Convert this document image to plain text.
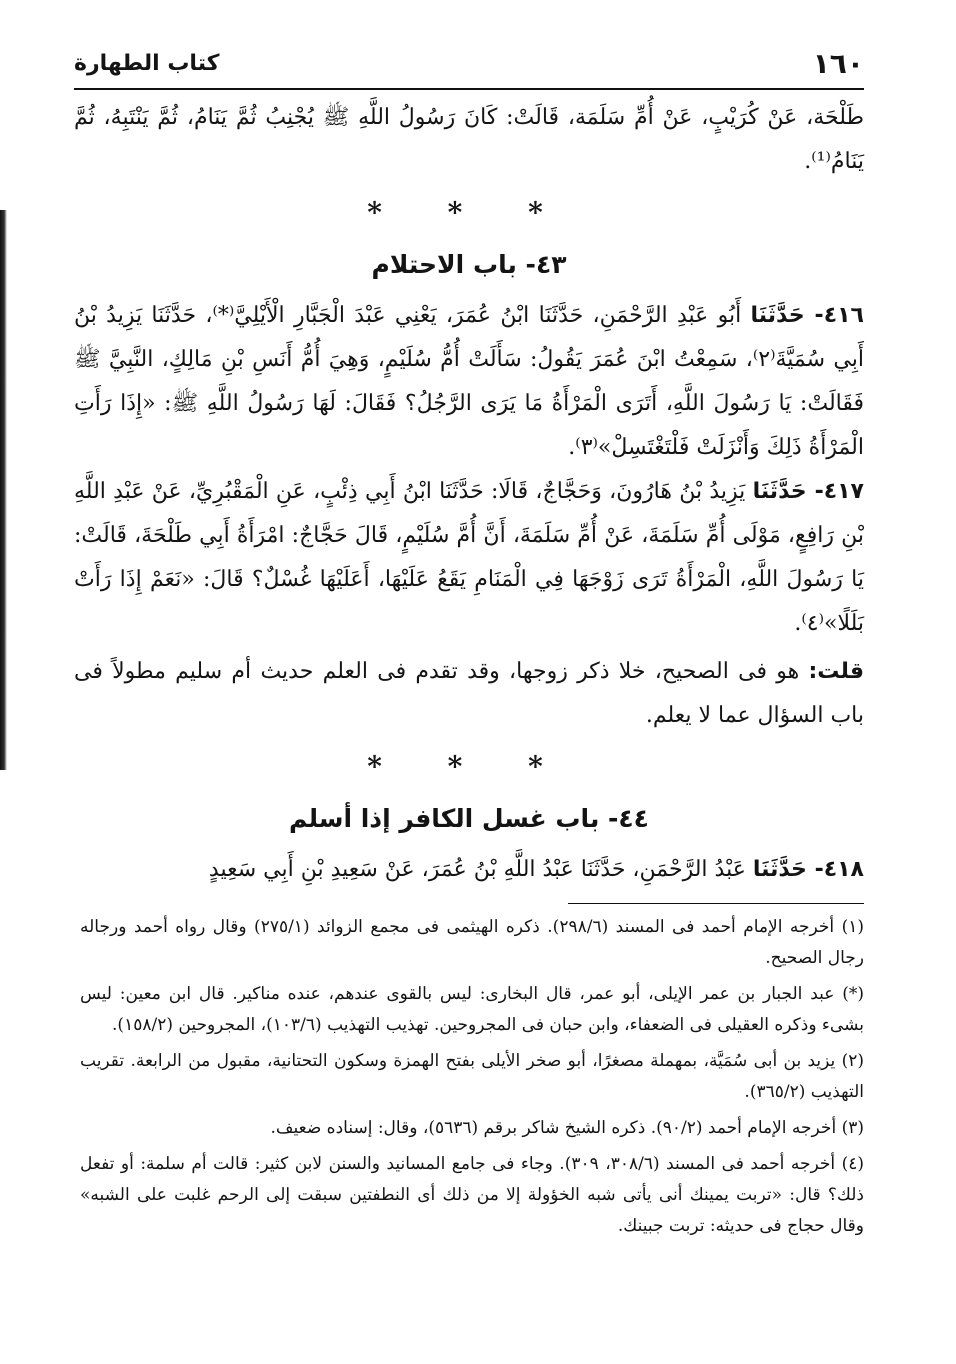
١٦٠
كتاب الطهارة

طَلْحَة، عَنْ كُرَيْبٍ، عَنْ أُمِّ سَلَمَة، قَالَتْ: كَانَ رَسُولُ اللَّهِ ﷺ يُجْنِبُ ثُمَّ يَنَامُ، ثُمَّ يَنْتَبِهُ، ثُمَّ يَنَامُ⁽¹⁾.

* * *
٤٣- باب الاحتلام

٤١٦- حَدَّثَنَا أَبُو عَبْدِ الرَّحْمَنِ، حَدَّثَنَا ابْنُ عُمَرَ، يَعْنِي عَبْدَ الْجَبَّارِ الْأَيْلِيَّ⁽*⁾، حَدَّثَنَا يَزِيدُ بْنُ أَبِي سُمَيَّةَ⁽٢⁾، سَمِعْتُ ابْنَ عُمَرَ يَقُولُ: سَأَلَتْ أُمُّ سُلَيْمٍ، وَهِيَ أُمُّ أَنَسِ بْنِ مَالِكٍ، النَّبِيَّ ﷺ فَقَالَتْ: يَا رَسُولَ اللَّهِ، أَتَرَى الْمَرْأَةُ مَا يَرَى الرَّجُلُ؟ فَقَالَ: لَهَا رَسُولُ اللَّهِ ﷺ: «إِذَا رَأَتِ الْمَرْأَةُ ذَلِكَ وَأَنْزَلَتْ فَلْتَغْتَسِلْ»⁽٣⁾.

٤١٧- حَدَّثَنَا يَزِيدُ بْنُ هَارُونَ، وَحَجَّاجٌ، قَالَا: حَدَّثَنَا ابْنُ أَبِي ذِئْبٍ، عَنِ الْمَقْبُرِيِّ، عَنْ عَبْدِ اللَّهِ بْنِ رَافِعٍ، مَوْلَى أُمِّ سَلَمَةَ، عَنْ أُمِّ سَلَمَةَ، أَنَّ أُمَّ سُلَيْمٍ، قَالَ حَجَّاجٌ: امْرَأَةُ أَبِي طَلْحَةَ، قَالَتْ: يَا رَسُولَ اللَّهِ، الْمَرْأَةُ تَرَى زَوْجَهَا فِي الْمَنَامِ يَقَعُ عَلَيْهَا، أَعَلَيْهَا غُسْلٌ؟ قَالَ: «نَعَمْ إِذَا رَأَتْ بَلَلًا»⁽٤⁾.

قلت: هو فى الصحيح، خلا ذكر زوجها، وقد تقدم فى العلم حديث أم سليم مطولاً فى باب السؤال عما لا يعلم.

* * *
٤٤- باب غسل الكافر إذا أسلم

٤١٨- حَدَّثَنَا عَبْدُ الرَّحْمَنِ، حَدَّثَنَا عَبْدُ اللَّهِ بْنُ عُمَرَ، عَنْ سَعِيدِ بْنِ أَبِي سَعِيدٍ

(١) أخرجه الإمام أحمد فى المسند (٢٩٨/٦). ذكره الهيثمى فى مجمع الزوائد (٢٧٥/١) وقال رواه أحمد ورجاله رجال الصحيح.

(*) عبد الجبار بن عمر الإيلى، أبو عمر، قال البخارى: ليس بالقوى عندهم، عنده مناكير. قال ابن معين: ليس بشىء وذكره العقيلى فى الضعفاء، وابن حبان فى المجروحين. تهذيب التهذيب (١٠٣/٦)، المجروحين (١٥٨/٢).

(٢) يزيد بن أبى سُمَيَّة، بمهملة مصغرًا، أبو صخر الأيلى بفتح الهمزة وسكون التحتانية، مقبول من الرابعة. تقريب التهذيب (٣٦٥/٢).

(٣) أخرجه الإمام أحمد (٩٠/٢). ذكره الشيخ شاكر برقم (٥٦٣٦)، وقال: إسناده ضعيف.

(٤) أخرجه أحمد فى المسند (٣٠٨/٦، ٣٠٩). وجاء فى جامع المسانيد والسنن لابن كثير: قالت أم سلمة: أو تفعل ذلك؟ قال: «تربت يمينك أنى يأتى شبه الخؤولة إلا من ذلك أى النطفتين سبقت إلى الرحم غلبت على الشبه» وقال حجاج فى حديثه: تربت جبينك.
